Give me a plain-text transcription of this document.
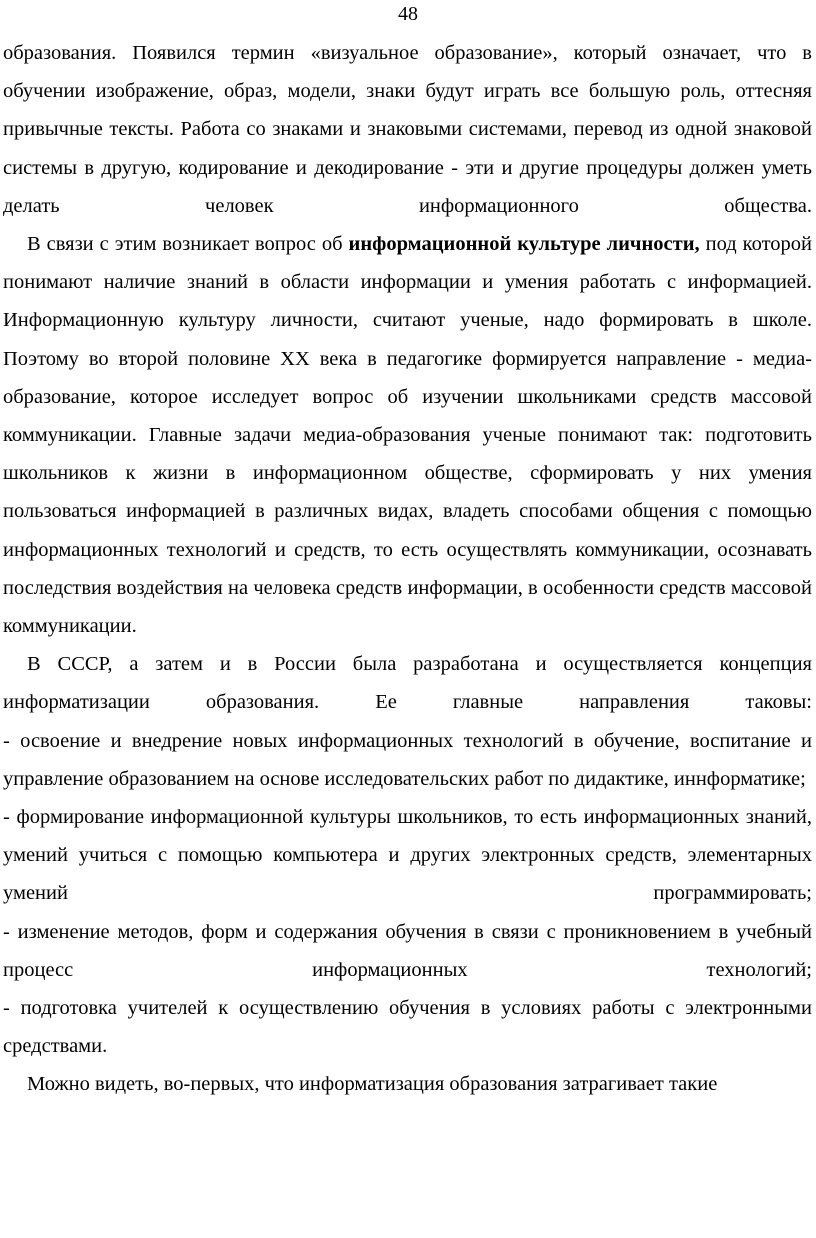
48

образования. Появился термин «визуальное образование», который означает, что в обучении изображение, образ, модели, знаки будут играть все большую роль, оттесняя привычные тексты. Работа со знаками и знаковыми системами, перевод из одной знаковой системы в другую, кодирование и декодирование - эти и другие процедуры должен уметь делать человек информационного общества.

В связи с этим возникает вопрос об информационной культуре личности, под которой понимают наличие знаний в области информации и умения работать с информацией. Информационную культуру личности, считают ученые, надо формировать в школе. Поэтому во второй половине XX века в педагогике формируется направление - медиа-образование, которое исследует вопрос об изучении школьниками средств массовой коммуникации. Главные задачи медиа-образования ученые понимают так: подготовить школьников к жизни в информационном обществе, сформировать у них умения пользоваться информацией в различных видах, владеть способами общения с помощью информационных технологий и средств, то есть осуществлять коммуникации, осознавать последствия воздействия на человека средств информации, в особенности средств массовой коммуникации.

В СССР, а затем и в России была разработана и осуществляется концепция информатизации образования. Ее главные направления таковы:

- освоение и внедрение новых информационных технологий в обучение, воспитание и управление образованием на основе исследовательских работ по дидактике, иннформатике;

- формирование информационной культуры школьников, то есть информационных знаний, умений учиться с помощью компьютера и других электронных средств, элементарных умений программировать;

- изменение методов, форм и содержания обучения в связи с проникновением в учебный процесс информационных технологий;

- подготовка учителей к осуществлению обучения в условиях работы с электронными средствами.

Можно видеть, во-первых, что информатизация образования затрагивает такие
